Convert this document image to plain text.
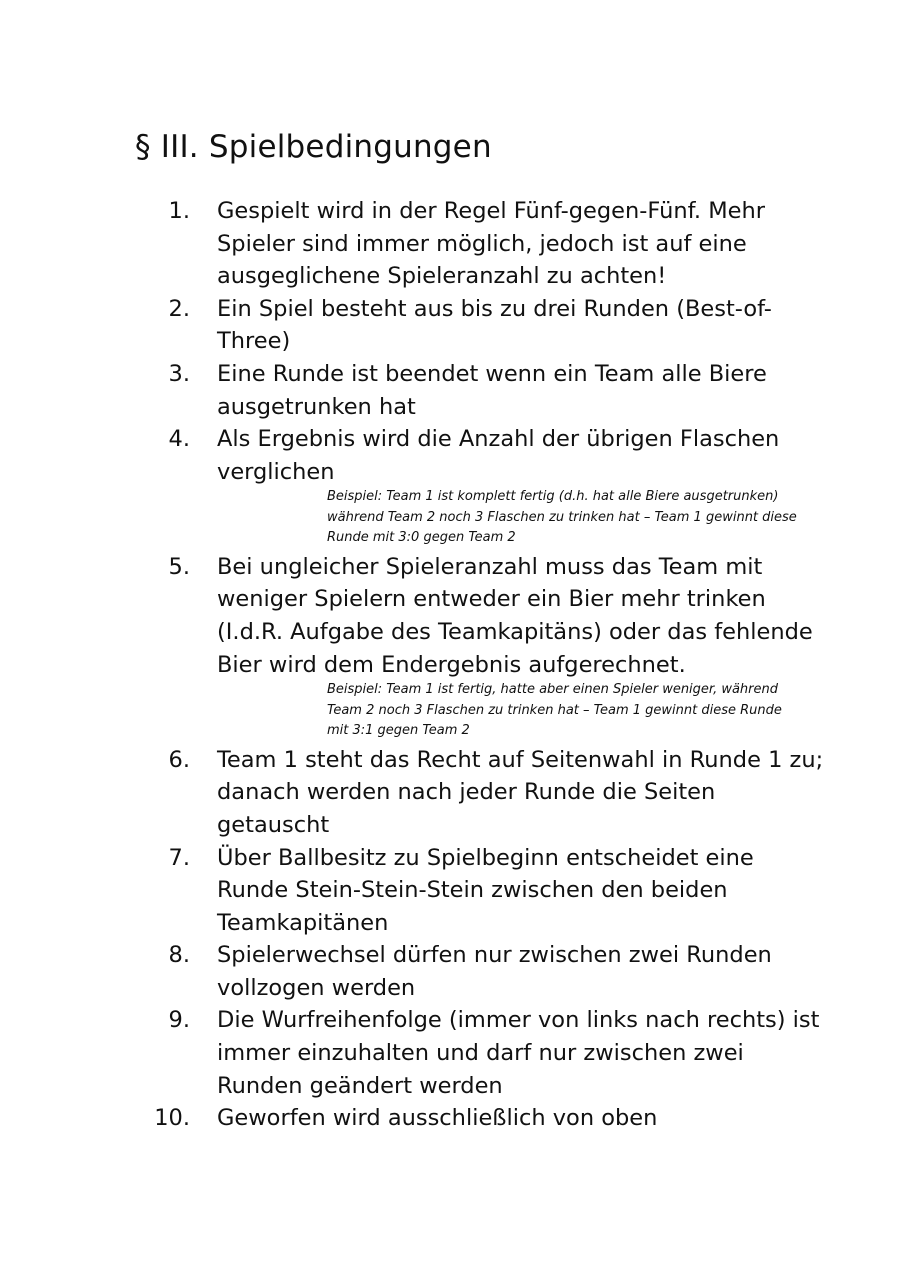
§ III. Spielbedingungen
1. Gespielt wird in der Regel Fünf-gegen-Fünf. Mehr Spieler sind immer möglich, jedoch ist auf eine ausgeglichene Spieleranzahl zu achten!
2. Ein Spiel besteht aus bis zu drei Runden (Best-of-Three)
3. Eine Runde ist beendet wenn ein Team alle Biere ausgetrunken hat
4. Als Ergebnis wird die Anzahl der übrigen Flaschen verglichen
Beispiel: Team 1 ist komplett fertig (d.h. hat alle Biere ausgetrunken) während Team 2 noch 3 Flaschen zu trinken hat – Team 1 gewinnt diese Runde mit 3:0 gegen Team 2
5. Bei ungleicher Spieleranzahl muss das Team mit weniger Spielern entweder ein Bier mehr trinken (I.d.R. Aufgabe des Teamkapitäns) oder das fehlende Bier wird dem Endergebnis aufgerechnet.
Beispiel: Team 1 ist fertig, hatte aber einen Spieler weniger, während Team 2 noch 3 Flaschen zu trinken hat – Team 1 gewinnt diese Runde mit 3:1 gegen Team 2
6. Team 1 steht das Recht auf Seitenwahl in Runde 1 zu; danach werden nach jeder Runde die Seiten getauscht
7. Über Ballbesitz zu Spielbeginn entscheidet eine Runde Stein-Stein-Stein zwischen den beiden Teamkapitänen
8. Spielerwechsel dürfen nur zwischen zwei Runden vollzogen werden
9. Die Wurfreihenfolge (immer von links nach rechts) ist immer einzuhalten und darf nur zwischen zwei Runden geändert werden
10. Geworfen wird ausschließlich von oben
